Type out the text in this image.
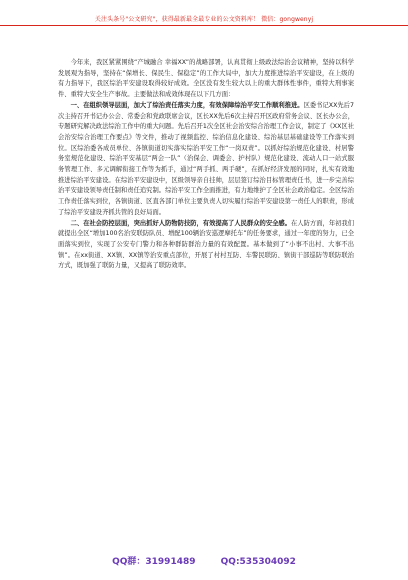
关注头条号"公文研究"，获得最新最全最专业的公文资料库！ 微信：gongwenyj

今年来，我区紧紧围绕“产城融合 幸福XX”的战略部署，认真贯彻上级政法综治会议精神，坚持以科学发展观为指导，坚持在“保增长、保民生、保稳定”的工作大局中，加大力度推进综治平安建设，在上级的有力指导下，我区综治平安建设取得较好成效。全区没有发生较大以上的重大群体性事件，重特大刑事案件、重特大安全生产事故。主要做法和成效体现在以下几方面：

一、在组织领导层面，加大了综治责任落实力度，有效保障综治平安工作顺利推进。区委书记XX先后7次主持召开书记办公会、常委会和党政联席会议，区长XX先后6次主持召开区政府常务会议、区长办公会，专题研究解决政法综治工作中的重大问题。先后召开1次全区社会治安综合治理工作会议，制定了《XX区社会治安综合治理工作要点》等文件，推动了视频监控、综治信息化建设、综治基层基础建设等工作落实到位。区综治委各成员单位、各镇街道切实落实综治平安工作“一岗双责”。以抓好综治规范化建设、村居警务室规范化建设、综治平安基层“两会一队”（治保会、调委会、护村队）规范化建设、流动人口一站式服务管理工作、多元调解衔接工作等为抓手，通过“两手抓、两手硬”，在抓好经济发展的同时，扎实有效地推进综治平安建设。在综治平安建设中，区级领导亲自挂帅，层层签订综治目标管理责任书，进一步完善综治平安建设领导责任制和责任追究制。综治平安工作全面推进，有力地维护了全区社会政治稳定。全区综治工作责任落实到位，各镇街道、区直各部门单位主要负责人切实履行综治平安建设第一责任人的职责，形成了综治平安建设齐抓共管的良好局面。

二、在社会防控层面，突出抓好人防物防技防，有效提高了人民群众的安全感。在人防方面，年初我们就提出全区“增加100名治安联防队员、增配100辆治安巡逻摩托车”的任务要求，通过一年度的努力，已全面落实到位，实现了公安专门警力和各种群防群治力量的有效配置。基本做到了“小事不出村、大事不出镇”。在xx街道、XX镇、XX镇等治安重点部位，开展了村村互防、车警民联防、镇街干部巡防等联防联治方式，既加强了联防力量，又提高了联防效率。

QQ群：31991489	QQ:535304092
